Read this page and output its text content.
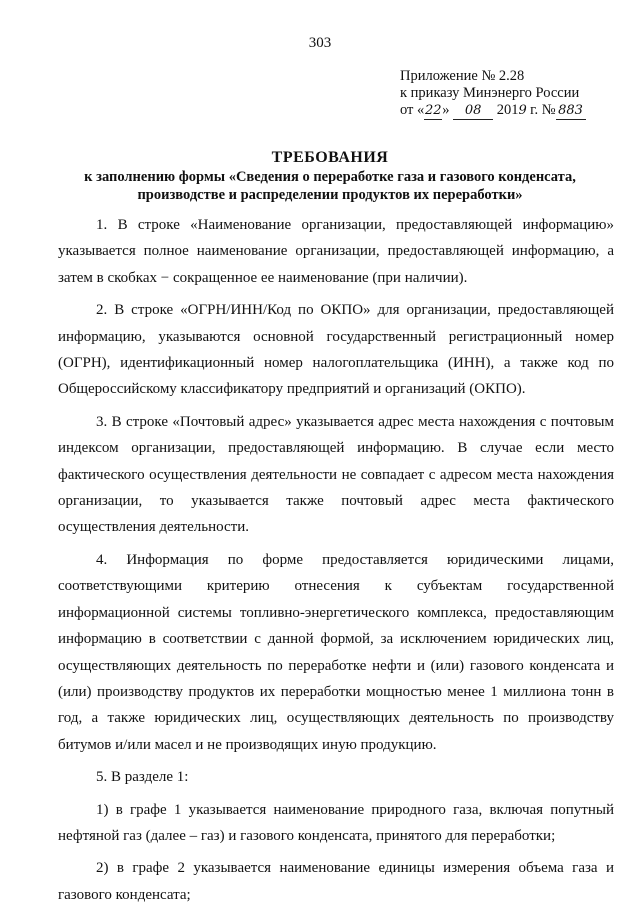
303
Приложение № 2.28
к приказу Минэнерго России
от «22» 08 2019 г. № 883
ТРЕБОВАНИЯ
к заполнению формы «Сведения о переработке газа и газового конденсата,
производстве и распределении продуктов их переработки»

1. В строке «Наименование организации, предоставляющей информацию» указывается полное наименование организации, предоставляющей информацию, а затем в скобках − сокращенное ее наименование (при наличии).

2. В строке «ОГРН/ИНН/Код по ОКПО» для организации, предоставляющей информацию, указываются основной государственный регистрационный номер (ОГРН), идентификационный номер налогоплательщика (ИНН), а также код по Общероссийскому классификатору предприятий и организаций (ОКПО).

3. В строке «Почтовый адрес» указывается адрес места нахождения с почтовым индексом организации, предоставляющей информацию. В случае если место фактического осуществления деятельности не совпадает с адресом места нахождения организации, то указывается также почтовый адрес места фактического осуществления деятельности.

4. Информация по форме предоставляется юридическими лицами, соответствующими критерию отнесения к субъектам государственной информационной системы топливно-энергетического комплекса, предоставляющим информацию в соответствии с данной формой, за исключением юридических лиц, осуществляющих деятельность по переработке нефти и (или) газового конденсата и (или) производству продуктов их переработки мощностью менее 1 миллиона тонн в год, а также юридических лиц, осуществляющих деятельность по производству битумов и/или масел и не производящих иную продукцию.

5. В разделе 1:

1) в графе 1 указывается наименование природного газа, включая попутный нефтяной газ (далее – газ) и газового конденсата, принятого для переработки;

2) в графе 2 указывается наименование единицы измерения объема газа и газового конденсата;
